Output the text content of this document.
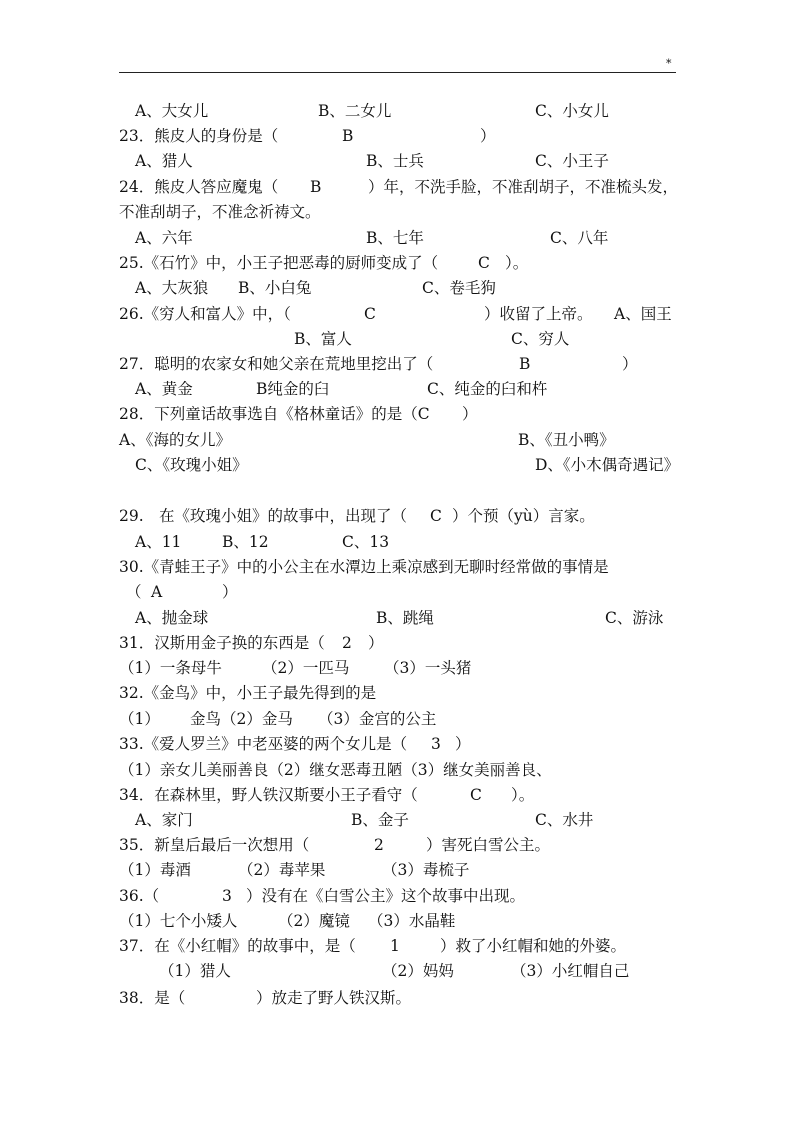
*
A、大女儿	B、二女儿	C、小女儿
23．熊皮人的身份是（	B	）
A、猎人	B、士兵	C、小王子
24．熊皮人答应魔鬼（ B	）年，不洗手脸，不准刮胡子，不准梳头发，
不准刮胡子，不准念祈祷文。
A、六年	B、七年	C、八年
25.《石竹》中，小王子把恶毒的厨师变成了（	C ）。
A、大灰狼 B、小白兔	C、卷毛狗
26.《穷人和富人》中，（	C	）收留了上帝。 A、国王
B、富人	C、穷人
27．聪明的农家女和她父亲在荒地里挖出了（	B	）
A、黄金	B纯金的臼	C、纯金的臼和杵
28．下列童话故事选自《格林童话》的是（C ）
A、《海的女儿》	B、《丑小鸭》
C、《玫瑰小姐》	D、《小木偶奇遇记》
29. 在《玫瑰小姐》的故事中，出现了（ C ）个预（yù）言家。
A、11	B、12	C、13
30.《青蛙王子》中的小公主在水潭边上乘凉感到无聊时经常做的事情是
（ A	）
A、抛金球	B、跳绳	C、游泳
31．汉斯用金子换的东西是（ 2 ）
（1）一条母牛	（2）一匹马 （3）一头猪
32.《金鸟》中，小王子最先得到的是
（1） 金鸟（2）金马 （3）金宫的公主
33.《爱人罗兰》中老巫婆的两个女儿是（ 3 ）
（1）亲女儿美丽善良（2）继女恶毒丑陋（3）继女美丽善良、
34．在森林里，野人铁汉斯要小王子看守（	C ）。
A、家门	B、金子	C、水井
35．新皇后最后一次想用（	2	）害死白雪公主。
（1）毒酒	（2）毒苹果	（3）毒梳子
36.（	3 ）没有在《白雪公主》这个故事中出现。
（1）七个小矮人	（2）魔镜 （3）水晶鞋
37．在《小红帽》的故事中，是（ 1	）救了小红帽和她的外婆。
（1）猎人	（2）妈妈	（3）小红帽自己
38．是（	）放走了野人铁汉斯。
